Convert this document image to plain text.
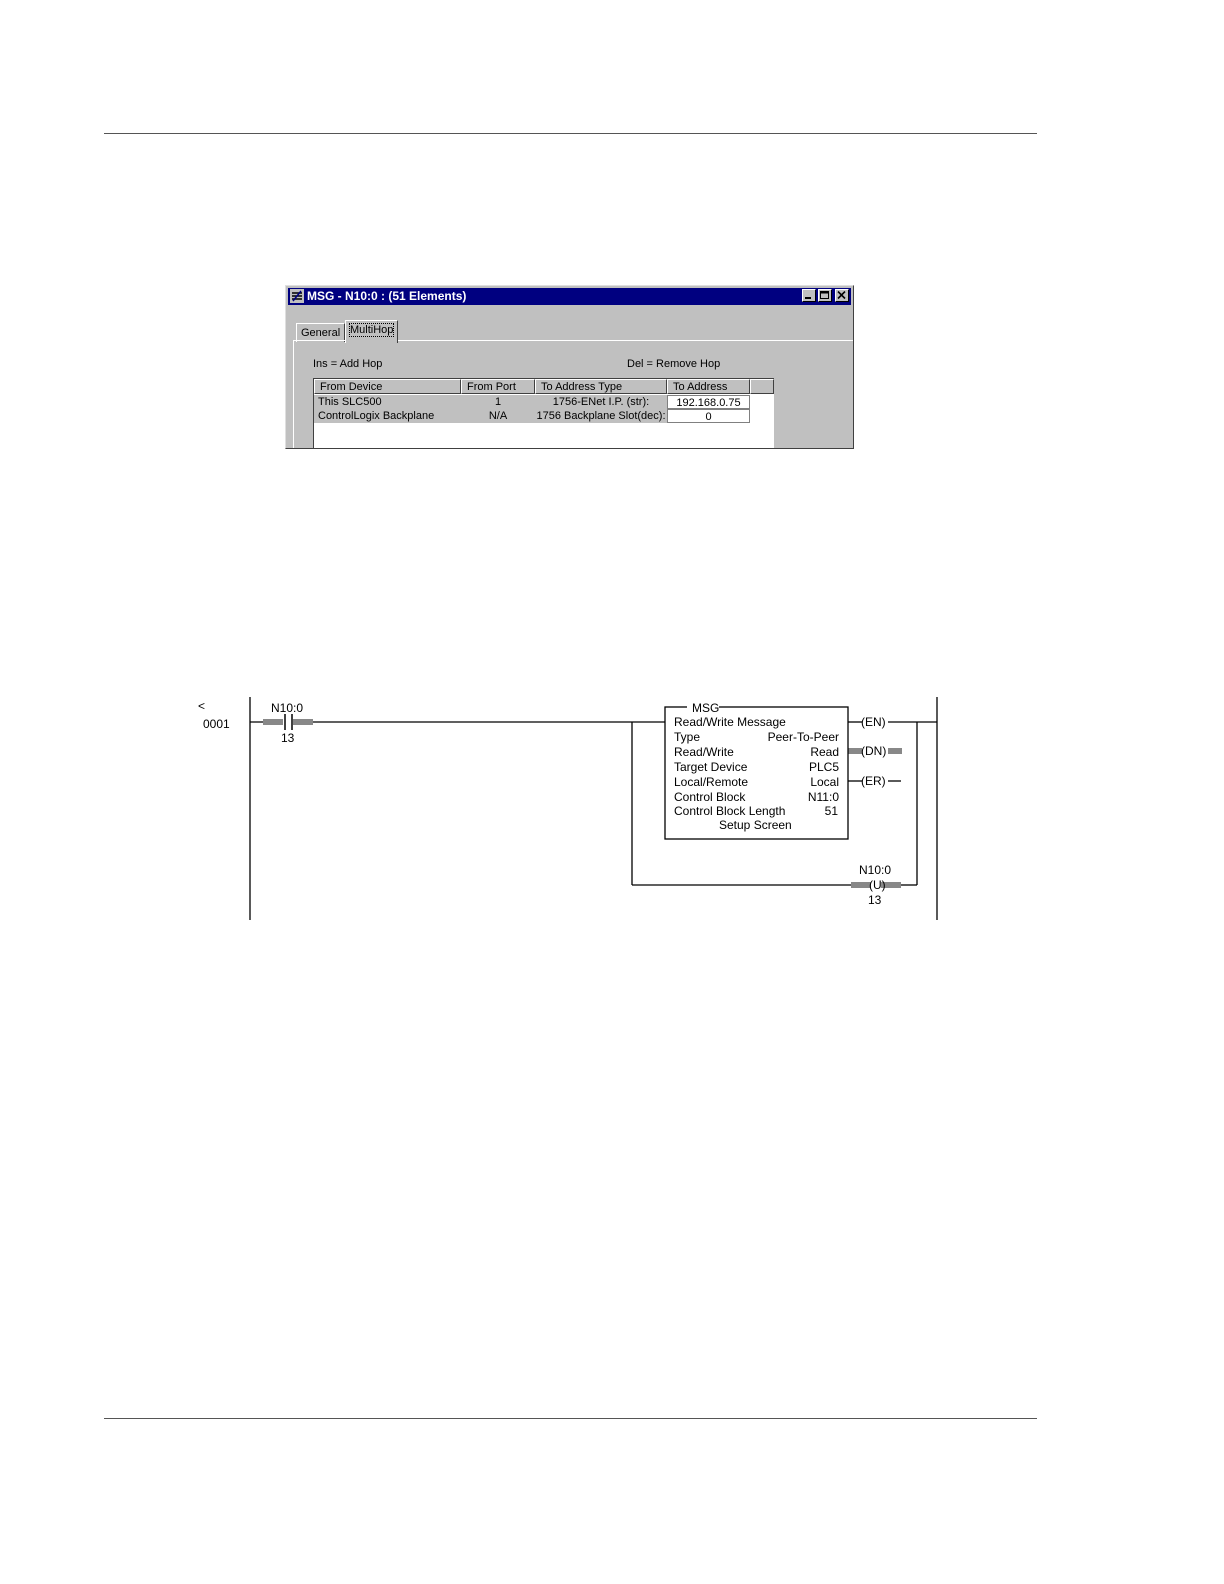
MSG - N10:0 : (51 Elements)
General MultiHop
Ins = Add Hop	Del = Remove Hop
From Device	From Port	To Address Type	To Address
This SLC500	1	1756-ENet I.P. (str):	192.168.0.75
ControlLogix Backplane	N/A	1756 Backplane Slot(dec):	0
<
0001
N10:0
13
MSG
Read/Write Message
Type	Peer-To-Peer
Read/Write	Read
Target Device	PLC5
Local/Remote	Local
Control Block	N11:0
Control Block Length	51
Setup Screen
(EN)
(DN)
(ER)
N10:0
(U)
13
